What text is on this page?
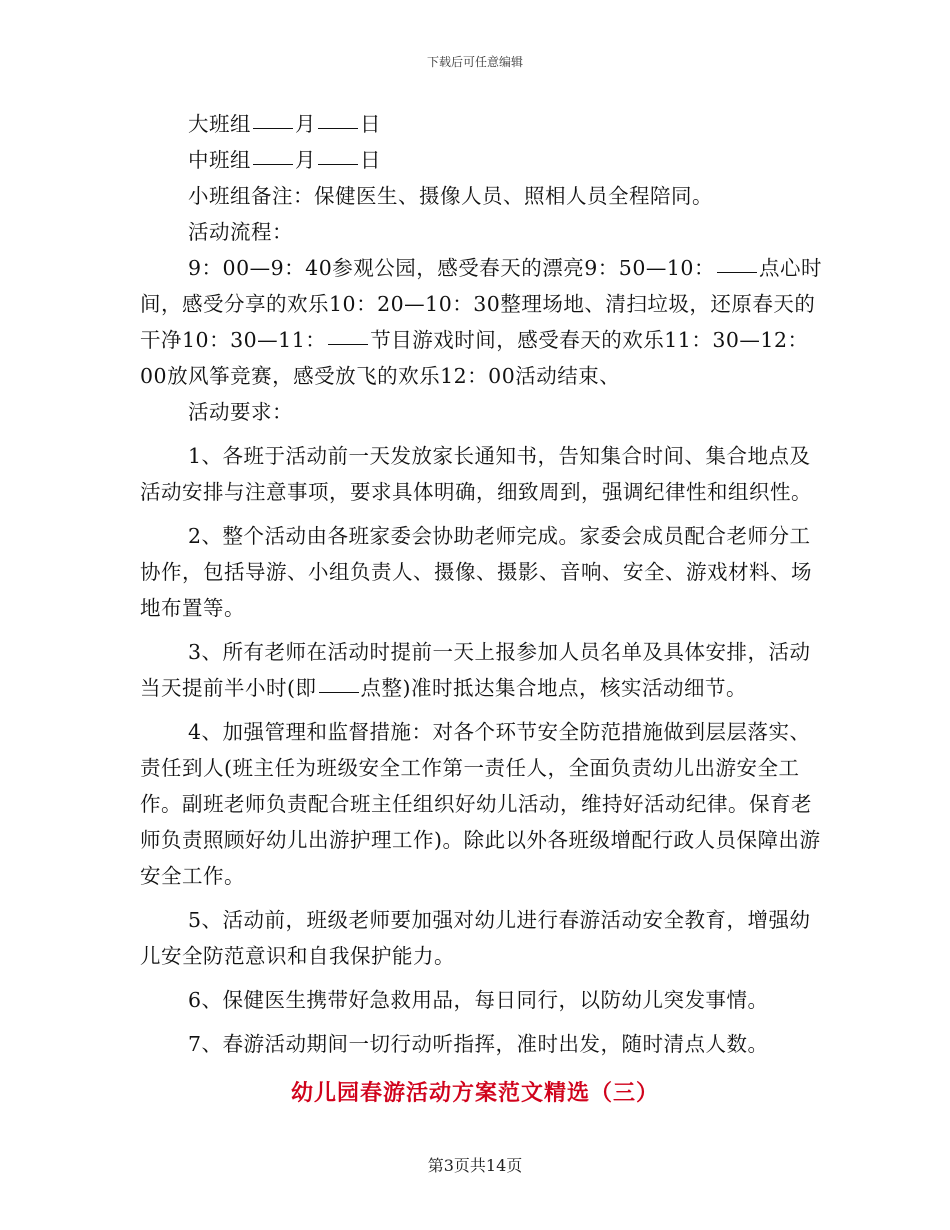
下载后可任意编辑

大班组 月 日

中班组 月 日

小班组备注：保健医生、摄像人员、照相人员全程陪同。

活动流程：

9：00—9：40参观公园，感受春天的漂亮9：50—10： 点心时间，感受分享的欢乐10：20—10：30整理场地、清扫垃圾，还原春天的干净10：30—11： 节目游戏时间，感受春天的欢乐11：30—12：00放风筝竞赛，感受放飞的欢乐12：00活动结束、

活动要求：

1、各班于活动前一天发放家长通知书，告知集合时间、集合地点及活动安排与注意事项，要求具体明确，细致周到，强调纪律性和组织性。

2、整个活动由各班家委会协助老师完成。家委会成员配合老师分工协作，包括导游、小组负责人、摄像、摄影、音响、安全、游戏材料、场地布置等。

3、所有老师在活动时提前一天上报参加人员名单及具体安排，活动当天提前半小时(即 点整)准时抵达集合地点，核实活动细节。

4、加强管理和监督措施：对各个环节安全防范措施做到层层落实、责任到人(班主任为班级安全工作第一责任人，全面负责幼儿出游安全工作。副班老师负责配合班主任组织好幼儿活动，维持好活动纪律。保育老师负责照顾好幼儿出游护理工作)。除此以外各班级增配行政人员保障出游安全工作。

5、活动前，班级老师要加强对幼儿进行春游活动安全教育，增强幼儿安全防范意识和自我保护能力。

6、保健医生携带好急救用品，每日同行，以防幼儿突发事情。

7、春游活动期间一切行动听指挥，准时出发，随时清点人数。

幼儿园春游活动方案范文精选（三）
第3页共14页
